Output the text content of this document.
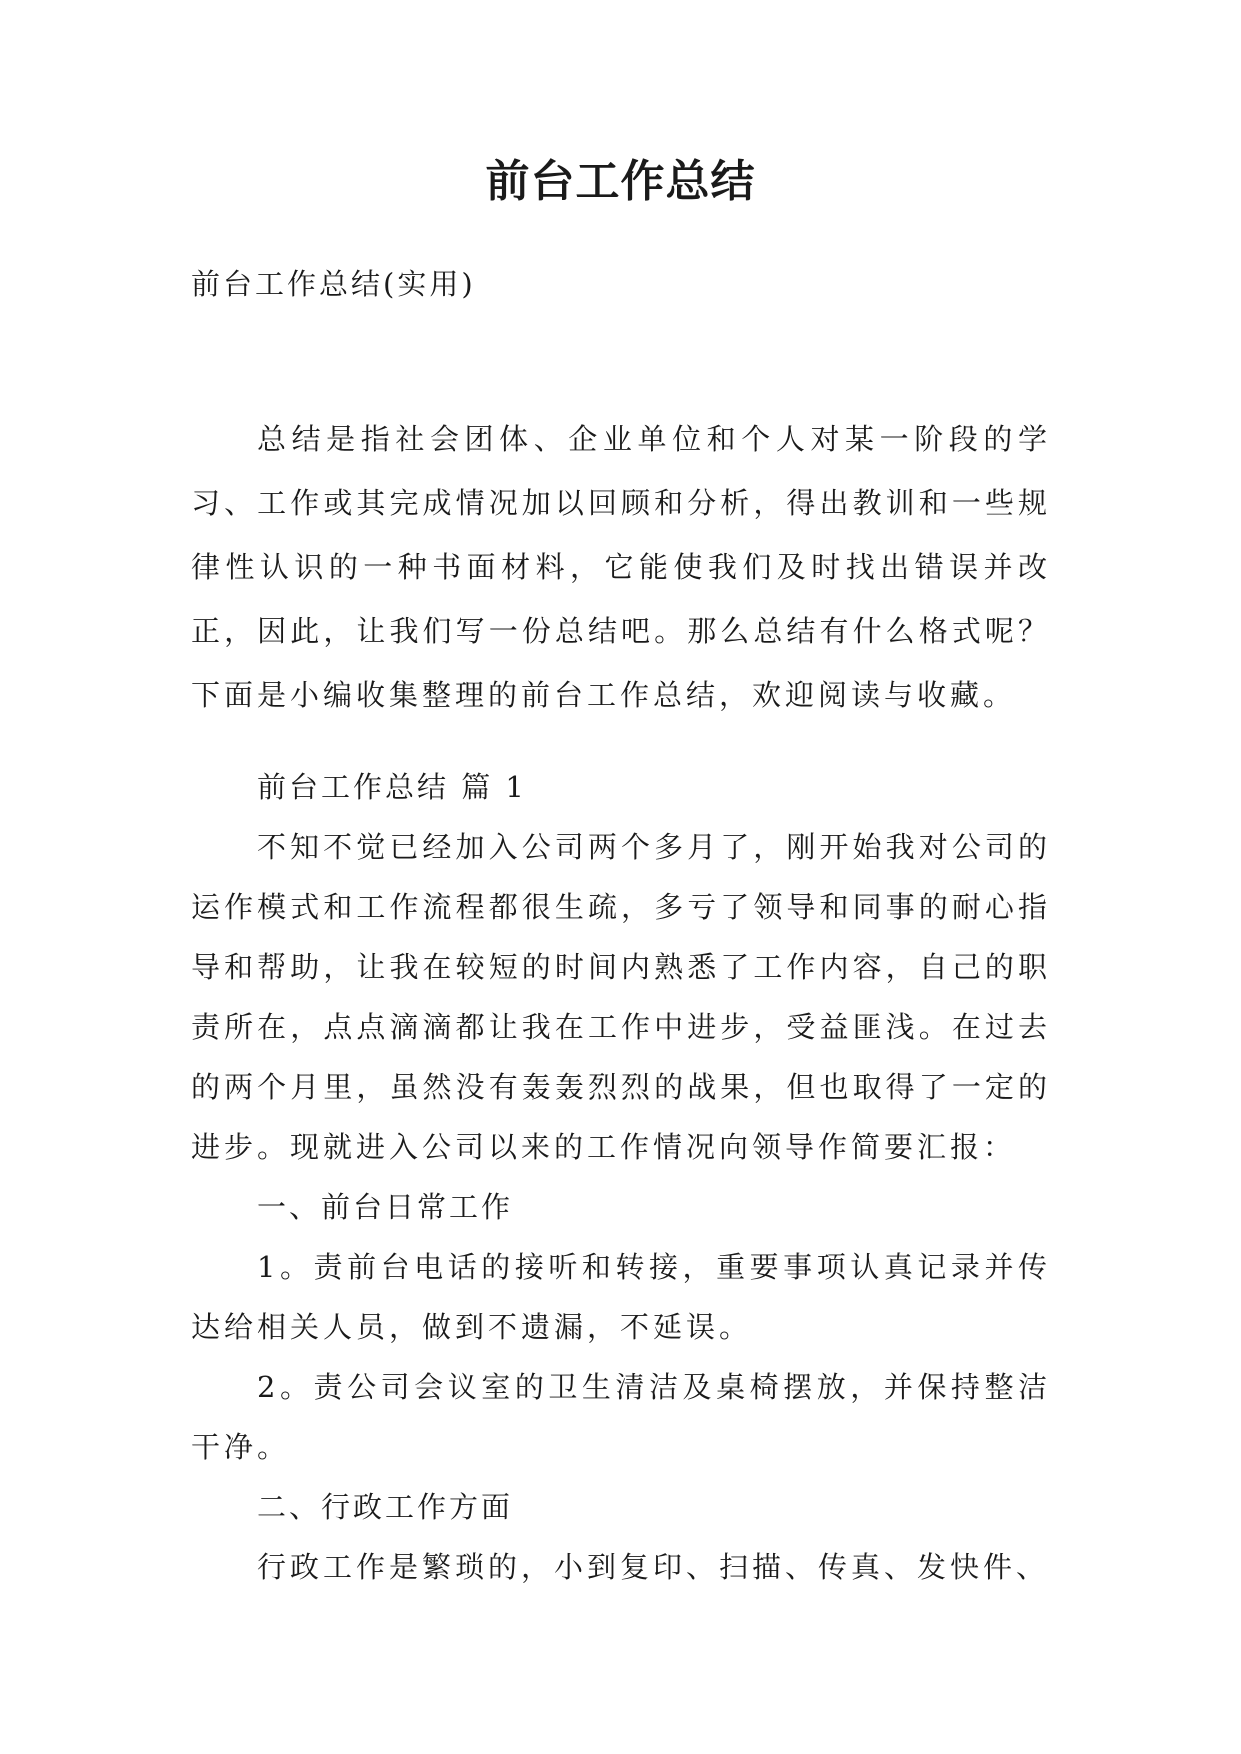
前台工作总结
前台工作总结(实用)

总结是指社会团体、企业单位和个人对某一阶段的学习、工作或其完成情况加以回顾和分析，得出教训和一些规律性认识的一种书面材料，它能使我们及时找出错误并改正，因此，让我们写一份总结吧。那么总结有什么格式呢？下面是小编收集整理的前台工作总结，欢迎阅读与收藏。

前台工作总结 篇 1

不知不觉已经加入公司两个多月了，刚开始我对公司的运作模式和工作流程都很生疏，多亏了领导和同事的耐心指导和帮助，让我在较短的时间内熟悉了工作内容，自己的职责所在，点点滴滴都让我在工作中进步，受益匪浅。在过去的两个月里，虽然没有轰轰烈烈的战果，但也取得了一定的进步。现就进入公司以来的工作情况向领导作简要汇报：

一、前台日常工作

1。责前台电话的接听和转接，重要事项认真记录并传达给相关人员，做到不遗漏，不延误。

2。责公司会议室的卫生清洁及桌椅摆放，并保持整洁干净。

二、行政工作方面

行政工作是繁琐的，小到复印、扫描、传真、发快件、
